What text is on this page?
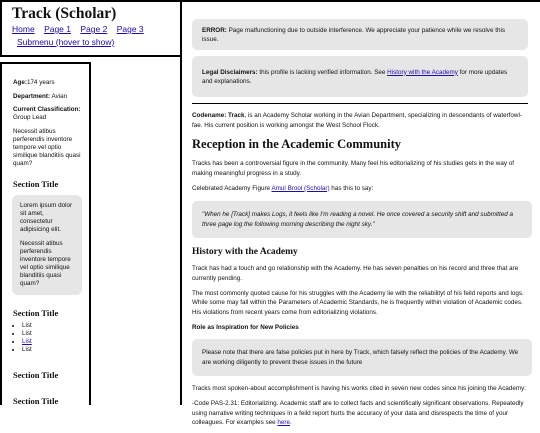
Track (Scholar)
Home Page 1 Page 2 Page 3
Submenu (hover to show)

Age:174 years

Department: Avian

Current Classification:
Group Lead

Necessit atibus perferendis inventore tempore vel optio similique blanditiis quasi quam?

Section Title

Lorem ipsum dolor sit amet, consectetur adipisicing elit.

Necessit atibus perferendis inventore tempore vel optio similique blanditiis quasi quam?

Section Title
• List
• List
• List
• List
Section Title
Section Title
ERROR: Page malfunctioning due to outside interference. We appreciate your patience while we resolve this issue.
Legal Disclaimers: this profile is lacking verified information. See History with the Academy for more updates and explanations.

Codename: Track, is an Academy Scholar working in the Avian Department, specializing in descendants of waterfowl-fae. His current position is working amongst the West School Flock.

Reception in the Academic Community

Tracks has been a controversial figure in the community. Many feel his editorializing of his studies gets in the way of making meaningful progress in a study.

Celebrated Academy Figure Amul Brool (Scholar) has this to say:

"When he [Track] makes Logs, it feels like I'm reading a novel. He once covered a security shift and submitted a three page log the following morning describing the night sky."
History with the Academy

Track has had a touch and go relationship with the Academy. He has seven penalties on his record and three that are currently pending.

The most commonly quoted cause for his struggles with the Academy lie with the reliabilityt of his feild reports and logs. While some may fall within the Parameters of Academic Standards, he is frequently within violation of Academic codes. His violations from recent years come from editorializing violations.

Role as Inspiration for New Policies
Please note that there are false policies put in here by Track, which falsely reflect the policies of the Academy. We are working diligently to prevent these issues in the future

Tracks most spoken-about accomplishment is having his works cited in seven new codes since his joining the Academy:

-Code PAS-2.31: Editorializing. Academic staff are to collect facts and scientifically significant observations. Repeatedly using narrative writing techniques in a feild report hurts the accuracy of your data and disrespects the time of your colleagues. For examples see here.
